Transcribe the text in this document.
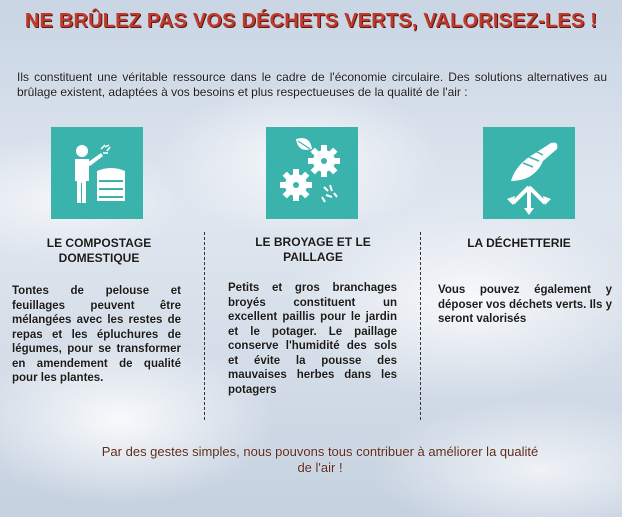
NE BRÛLEZ PAS VOS DÉCHETS VERTS, VALORISEZ-LES !
Ils constituent une véritable ressource dans le cadre de l'économie circulaire. Des solutions alternatives au brûlage existent, adaptées à vos besoins et plus respectueuses de la qualité de l'air :
LE COMPOSTAGE
DOMESTIQUE
LE BROYAGE ET LE
PAILLAGE
LA DÉCHETTERIE
Tontes de pelouse et feuillages peuvent être mélangées avec les restes de repas et les épluchures de légumes, pour se transformer en amendement de qualité pour les plantes.
Petits et gros branchages broyés constituent un excellent paillis pour le jardin et le potager. Le paillage conserve l'humidité des sols et évite la pousse des mauvaises herbes dans les potagers
Vous pouvez également y déposer vos déchets verts. Ils y seront valorisés
Par des gestes simples, nous pouvons tous contribuer à améliorer la qualité
de l'air !
